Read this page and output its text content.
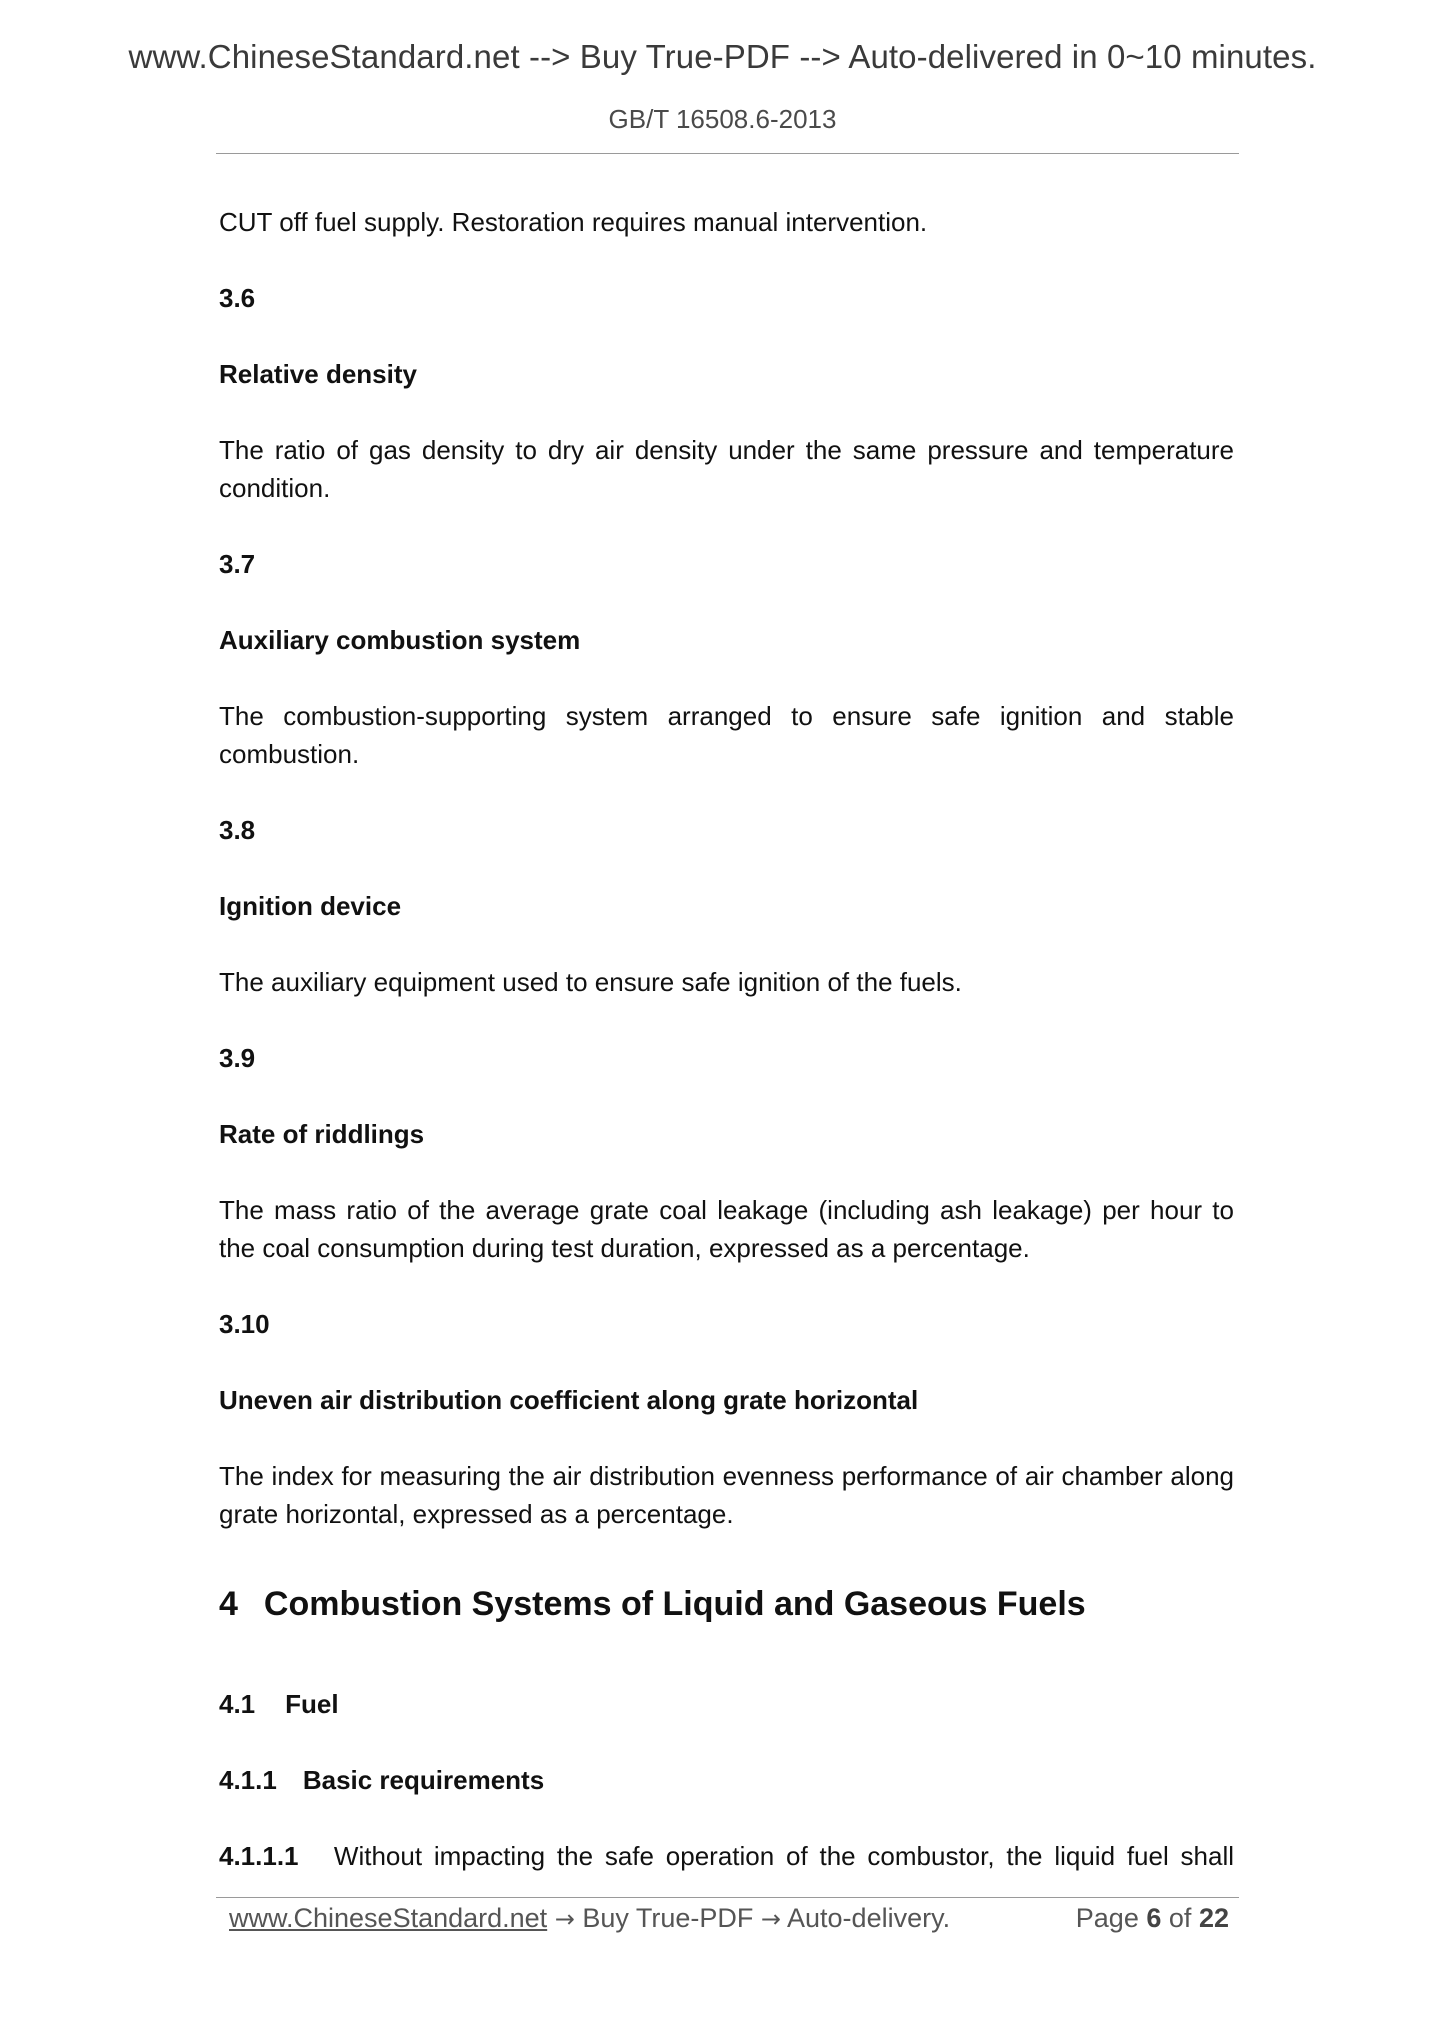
www.ChineseStandard.net --> Buy True-PDF --> Auto-delivered in 0~10 minutes.
GB/T 16508.6-2013
CUT off fuel supply. Restoration requires manual intervention.
3.6
Relative density
The ratio of gas density to dry air density under the same pressure and temperature condition.
3.7
Auxiliary combustion system
The combustion-supporting system arranged to ensure safe ignition and stable combustion.
3.8
Ignition device
The auxiliary equipment used to ensure safe ignition of the fuels.
3.9
Rate of riddlings
The mass ratio of the average grate coal leakage (including ash leakage) per hour to the coal consumption during test duration, expressed as a percentage.
3.10
Uneven air distribution coefficient along grate horizontal
The index for measuring the air distribution evenness performance of air chamber along grate horizontal, expressed as a percentage.
4 Combustion Systems of Liquid and Gaseous Fuels
4.1 Fuel
4.1.1 Basic requirements
4.1.1.1 Without impacting the safe operation of the combustor, the liquid fuel shall
www.ChineseStandard.net → Buy True-PDF → Auto-delivery.	Page 6 of 22
